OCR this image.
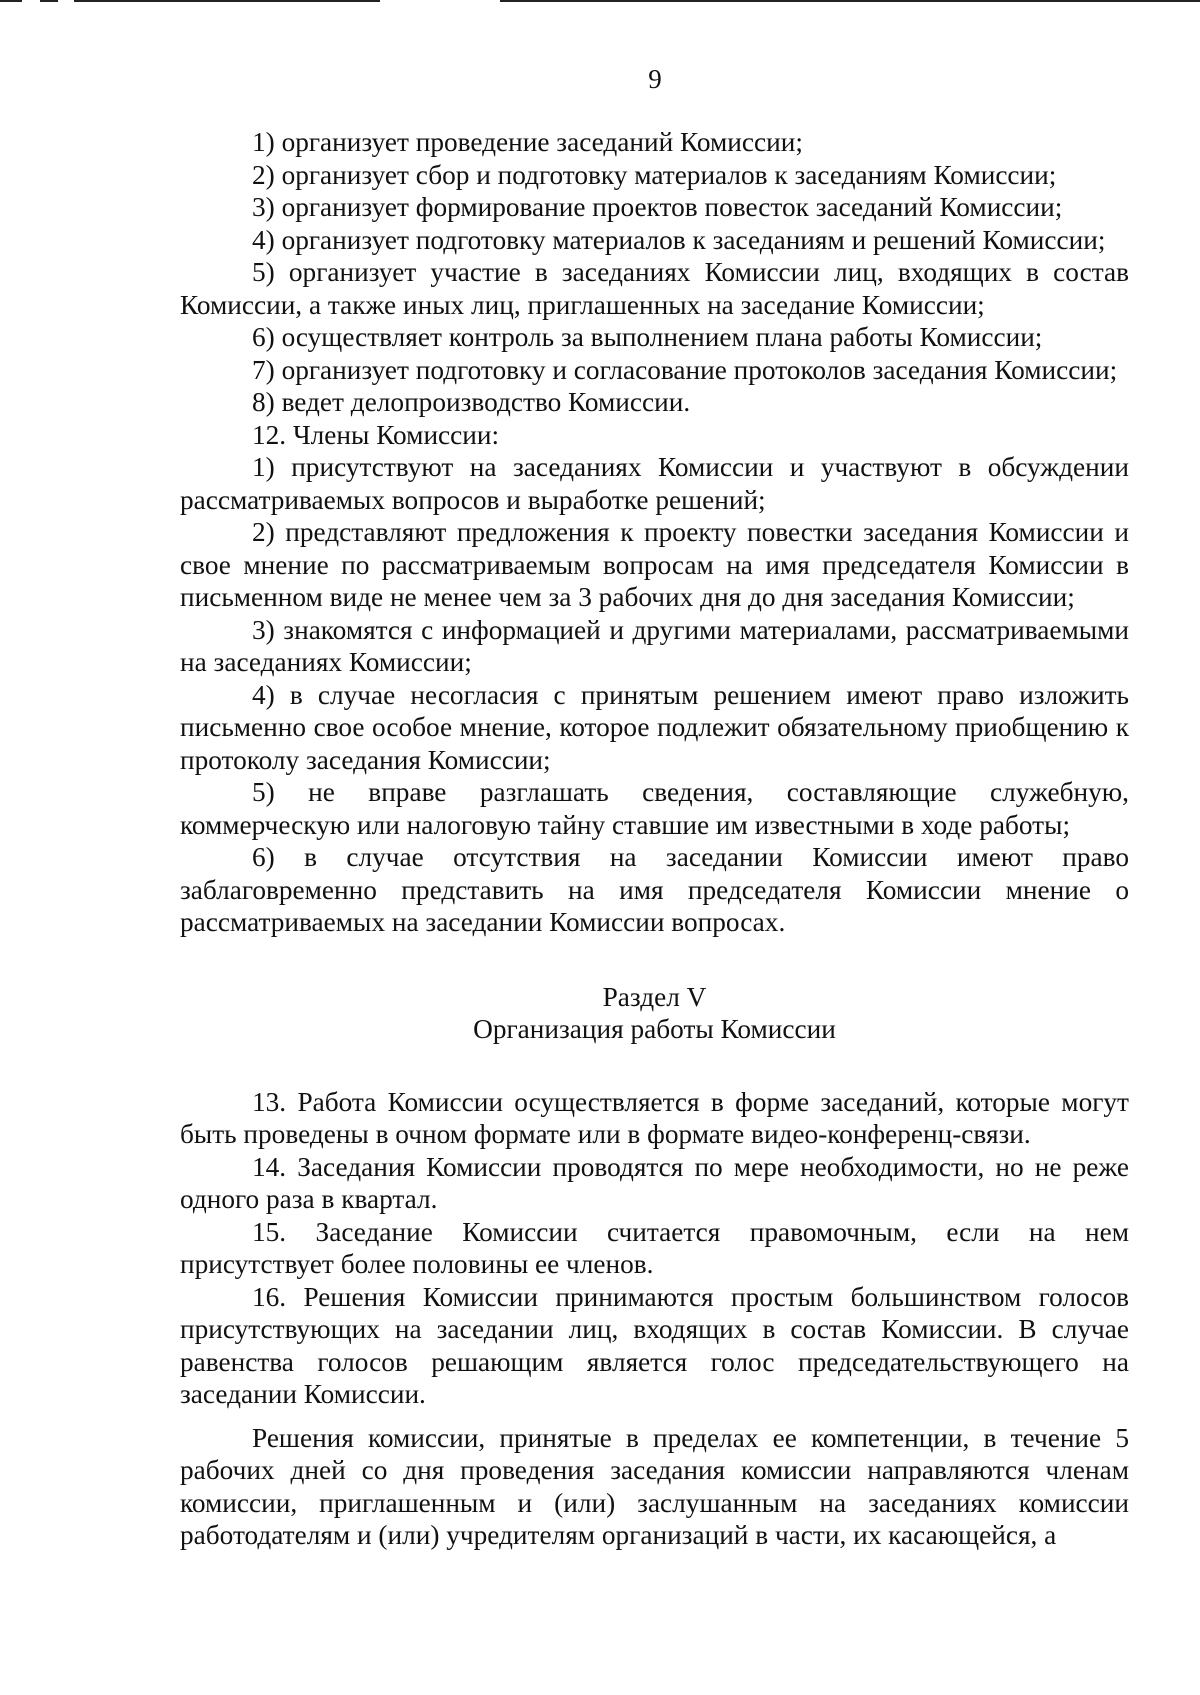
9

1) организует проведение заседаний Комиссии;

2) организует сбор и подготовку материалов к заседаниям Комиссии;

3) организует формирование проектов повесток заседаний Комиссии;

4) организует подготовку материалов к заседаниям и решений Комиссии;

5) организует участие в заседаниях Комиссии лиц, входящих в состав Комиссии, а также иных лиц, приглашенных на заседание Комиссии;

6) осуществляет контроль за выполнением плана работы Комиссии;

7) организует подготовку и согласование протоколов заседания Комиссии;

8) ведет делопроизводство Комиссии.

12. Члены Комиссии:

1) присутствуют на заседаниях Комиссии и участвуют в обсуждении рассматриваемых вопросов и выработке решений;

2) представляют предложения к проекту повестки заседания Комиссии и свое мнение по рассматриваемым вопросам на имя председателя Комиссии в письменном виде не менее чем за 3 рабочих дня до дня заседания Комиссии;

3) знакомятся с информацией и другими материалами, рассматриваемыми на заседаниях Комиссии;

4) в случае несогласия с принятым решением имеют право изложить письменно свое особое мнение, которое подлежит обязательному приобщению к протоколу заседания Комиссии;

5) не вправе разглашать сведения, составляющие служебную, коммерческую или налоговую тайну ставшие им известными в ходе работы;

6) в случае отсутствия на заседании Комиссии имеют право заблаговременно представить на имя председателя Комиссии мнение о рассматриваемых на заседании Комиссии вопросах.

Раздел V

Организация работы Комиссии

13. Работа Комиссии осуществляется в форме заседаний, которые могут быть проведены в очном формате или в формате видео-конференц-связи.

14. Заседания Комиссии проводятся по мере необходимости, но не реже одного раза в квартал.

15. Заседание Комиссии считается правомочным, если на нем присутствует более половины ее членов.

16. Решения Комиссии принимаются простым большинством голосов присутствующих на заседании лиц, входящих в состав Комиссии. В случае равенства голосов решающим является голос председательствующего на заседании Комиссии.

Решения комиссии, принятые в пределах ее компетенции, в течение 5 рабочих дней со дня проведения заседания комиссии направляются членам комиссии, приглашенным и (или) заслушанным на заседаниях комиссии работодателям и (или) учредителям организаций в части, их касающейся, а
